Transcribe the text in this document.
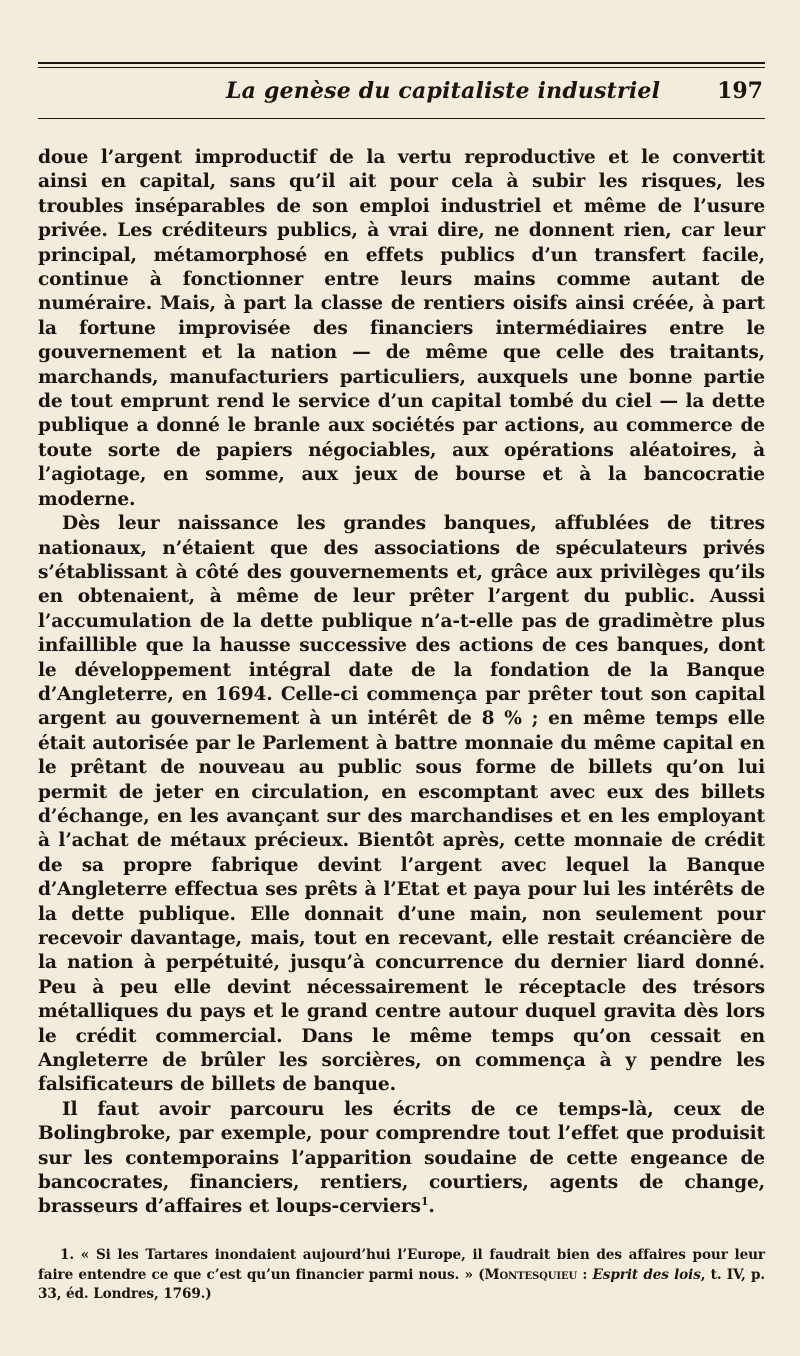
La genèse du capitaliste industriel	197

doue l’argent improductif de la vertu reproductive et le convertit ainsi en capital, sans qu’il ait pour cela à subir les risques, les troubles inséparables de son emploi industriel et même de l’usure privée. Les créditeurs publics, à vrai dire, ne donnent rien, car leur principal, métamorphosé en effets publics d’un transfert facile, continue à fonctionner entre leurs mains comme autant de numéraire. Mais, à part la classe de rentiers oisifs ainsi créée, à part la fortune improvisée des financiers intermédiaires entre le gouvernement et la nation — de même que celle des traitants, marchands, manufacturiers particuliers, auxquels une bonne partie de tout emprunt rend le service d’un capital tombé du ciel — la dette publique a donné le branle aux sociétés par actions, au commerce de toute sorte de papiers négociables, aux opérations aléatoires, à l’agiotage, en somme, aux jeux de bourse et à la bancocratie moderne.

Dès leur naissance les grandes banques, affublées de titres nationaux, n’étaient que des associations de spéculateurs privés s’établissant à côté des gouvernements et, grâce aux privilèges qu’ils en obtenaient, à même de leur prêter l’argent du public. Aussi l’accumulation de la dette publique n’a-t-elle pas de gradimètre plus infaillible que la hausse successive des actions de ces banques, dont le développement intégral date de la fondation de la Banque d’Angleterre, en 1694. Celle-ci commença par prêter tout son capital argent au gouvernement à un intérêt de 8 % ; en même temps elle était autorisée par le Parlement à battre monnaie du même capital en le prêtant de nouveau au public sous forme de billets qu’on lui permit de jeter en circulation, en escomptant avec eux des billets d’échange, en les avançant sur des marchandises et en les employant à l’achat de métaux précieux. Bientôt après, cette monnaie de crédit de sa propre fabrique devint l’argent avec lequel la Banque d’Angleterre effectua ses prêts à l’Etat et paya pour lui les intérêts de la dette publique. Elle donnait d’une main, non seulement pour recevoir davantage, mais, tout en recevant, elle restait créancière de la nation à perpétuité, jusqu’à concurrence du dernier liard donné. Peu à peu elle devint nécessairement le réceptacle des trésors métalliques du pays et le grand centre autour duquel gravita dès lors le crédit commercial. Dans le même temps qu’on cessait en Angleterre de brûler les sorcières, on commença à y pendre les falsificateurs de billets de banque.

Il faut avoir parcouru les écrits de ce temps-là, ceux de Bolingbroke, par exemple, pour comprendre tout l’effet que produisit sur les contemporains l’apparition soudaine de cette engeance de bancocrates, financiers, rentiers, courtiers, agents de change, brasseurs d’affaires et loups-cerviers$^1$.

1. « Si les Tartares inondaient aujourd’hui l’Europe, il faudrait bien des affaires pour leur faire entendre ce que c’est qu’un financier parmi nous. » (Montesquieu : Esprit des lois, t. IV, p. 33, éd. Londres, 1769.)
